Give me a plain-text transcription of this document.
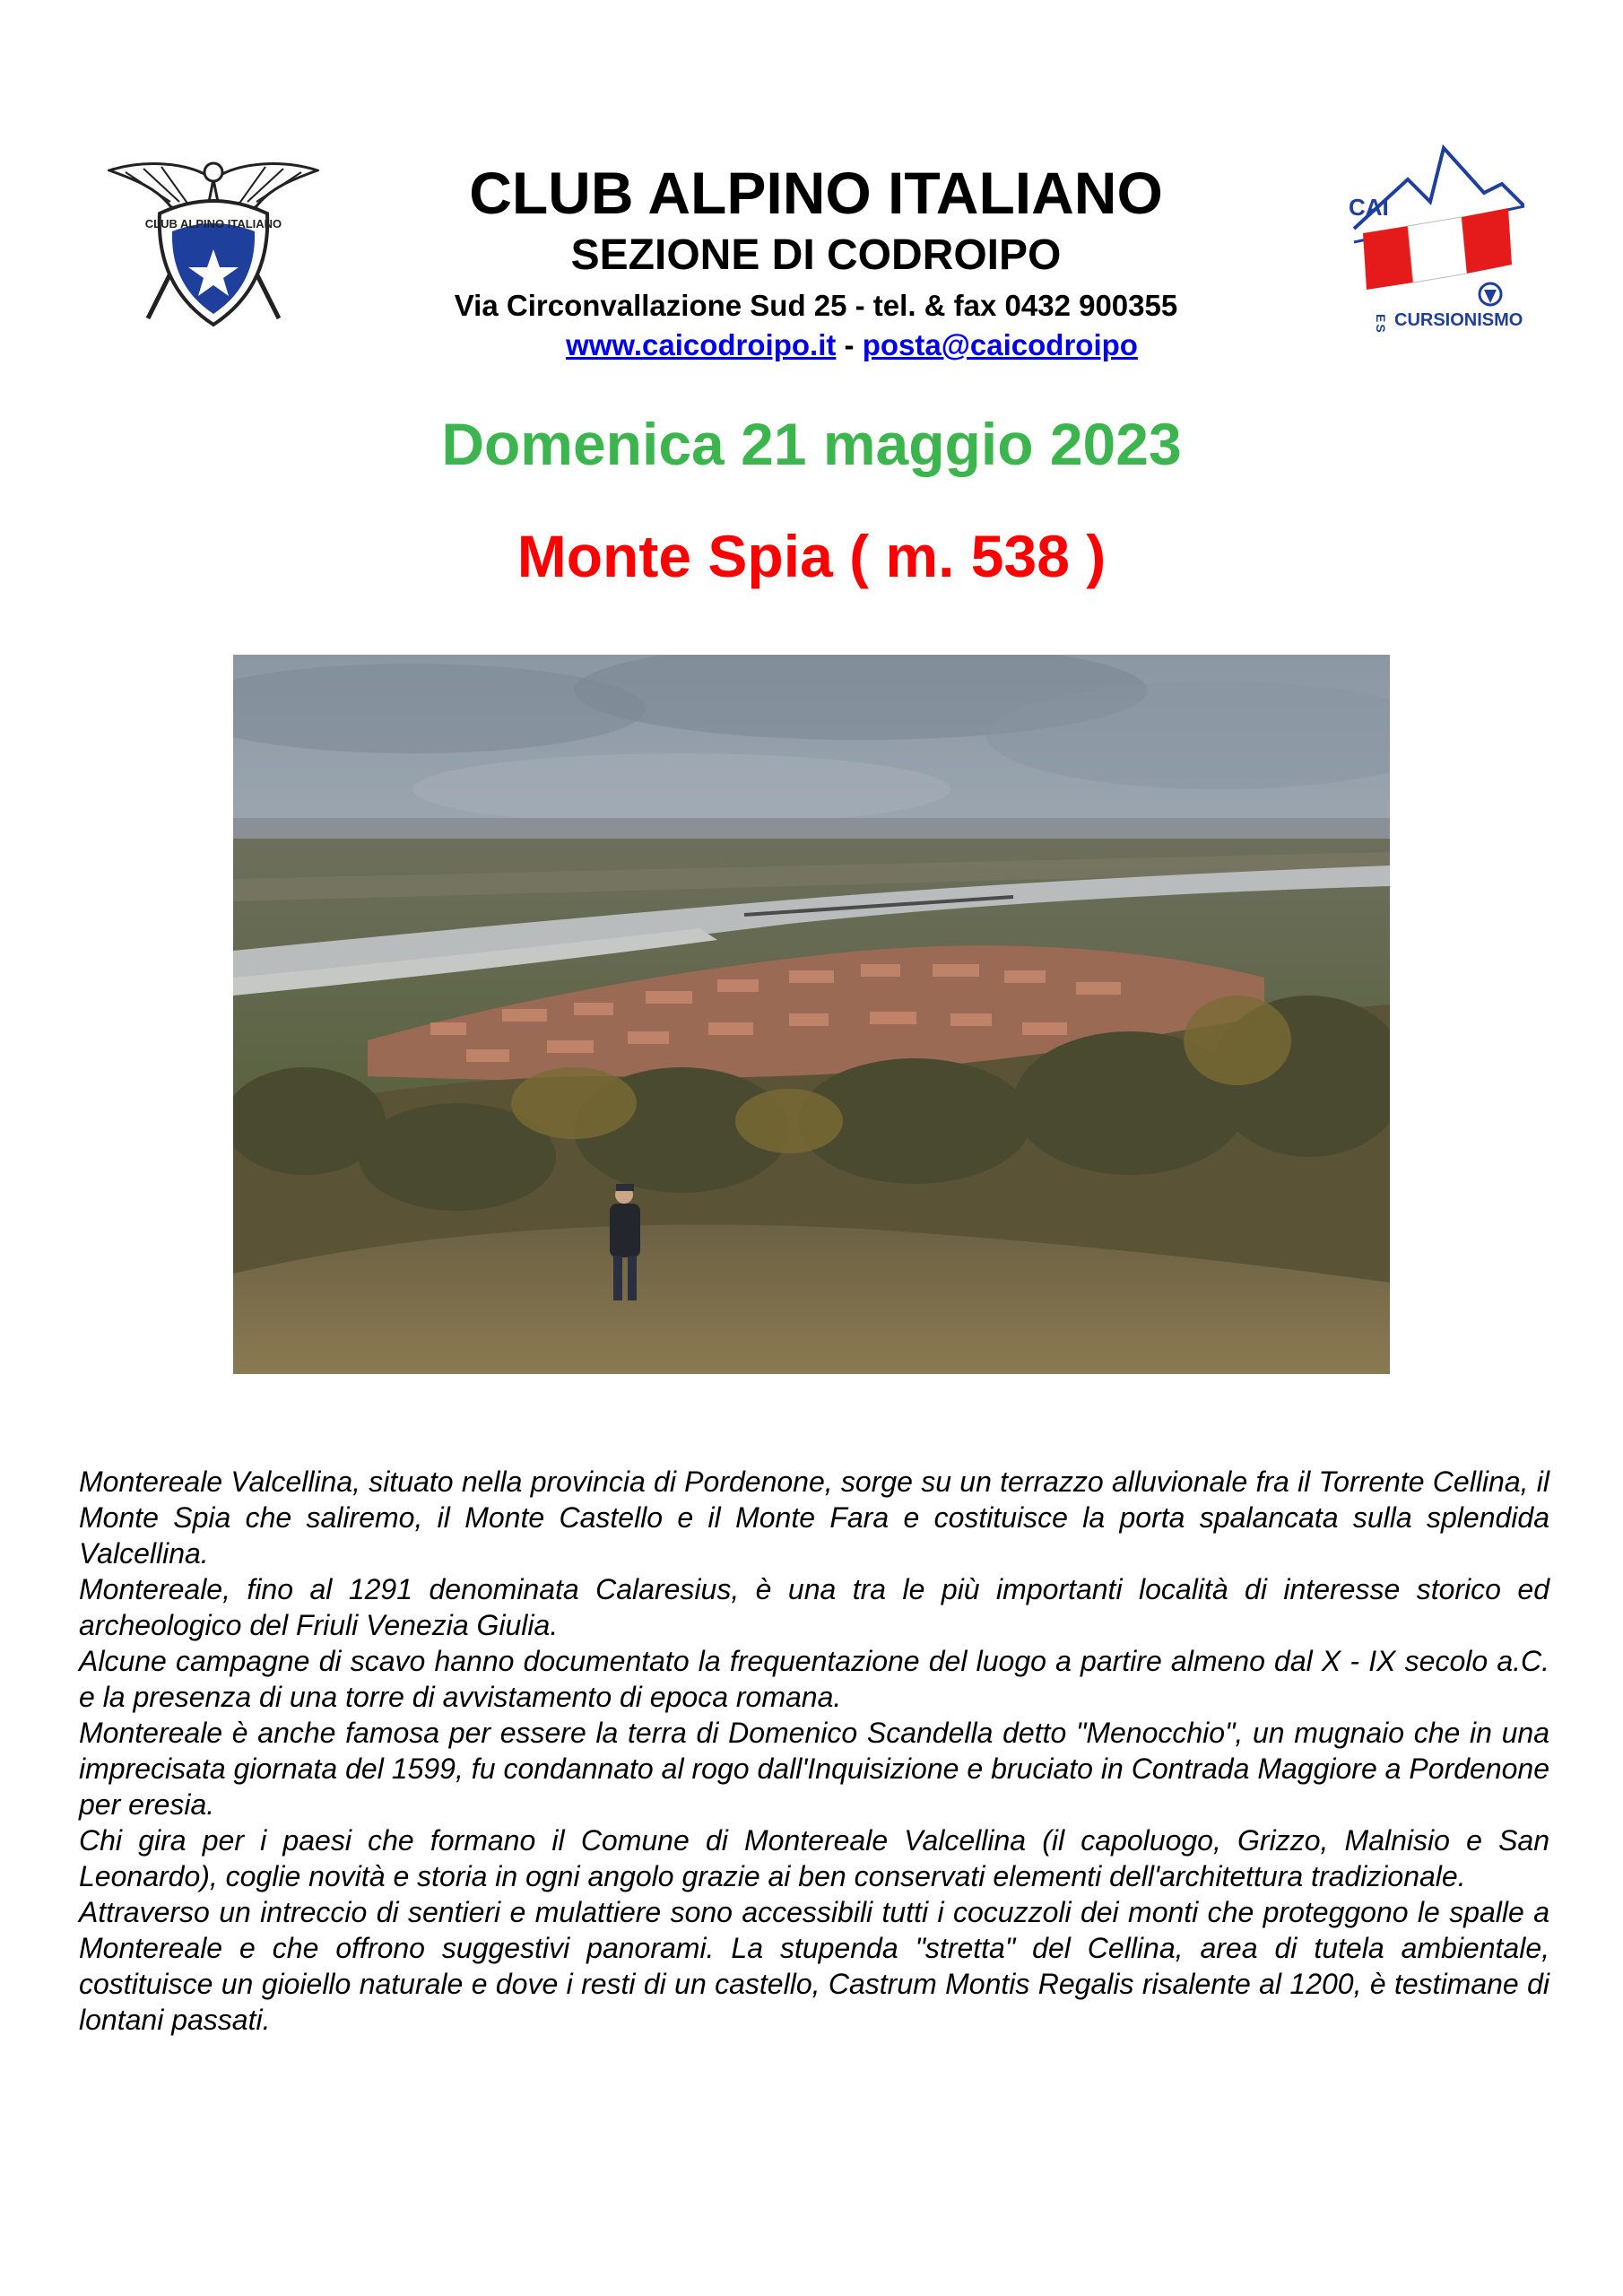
CLUB ALPINO ITALIANO	CLUB ALPINO ITALIANO
SEZIONE DI CODROIPO
Via Circonvallazione Sud 25 - tel. & fax 0432 900355
www.caicodroipo.it - posta@caicodroipo
CAI
ES CURSIONISMO
Domenica 21 maggio 2023
Monte Spia ( m. 538 )

Montereale Valcellina, situato nella provincia di Pordenone, sorge su un terrazzo alluvionale fra il Torrente Cellina, il Monte Spia che saliremo, il Monte Castello e il Monte Fara e costituisce la porta spalancata sulla splendida Valcellina.

Montereale, fino al 1291 denominata Calaresius, è una tra le più importanti località di interesse storico ed archeologico del Friuli Venezia Giulia.

Alcune campagne di scavo hanno documentato la frequentazione del luogo a partire almeno dal X - IX secolo a.C. e la presenza di una torre di avvistamento di epoca romana.

Montereale è anche famosa per essere la terra di Domenico Scandella detto "Menocchio", un mugnaio che in una imprecisata giornata del 1599, fu condannato al rogo dall'Inquisizione e bruciato in Contrada Maggiore a Pordenone per eresia.

Chi gira per i paesi che formano il Comune di Montereale Valcellina (il capoluogo, Grizzo, Malnisio e San Leonardo), coglie novità e storia in ogni angolo grazie ai ben conservati elementi dell'architettura tradizionale.

Attraverso un intreccio di sentieri e mulattiere sono accessibili tutti i cocuzzoli dei monti che proteggono le spalle a Montereale e che offrono suggestivi panorami. La stupenda "stretta" del Cellina, area di tutela ambientale, costituisce un gioiello naturale e dove i resti di un castello, Castrum Montis Regalis risalente al 1200, è testimane di lontani passati.
